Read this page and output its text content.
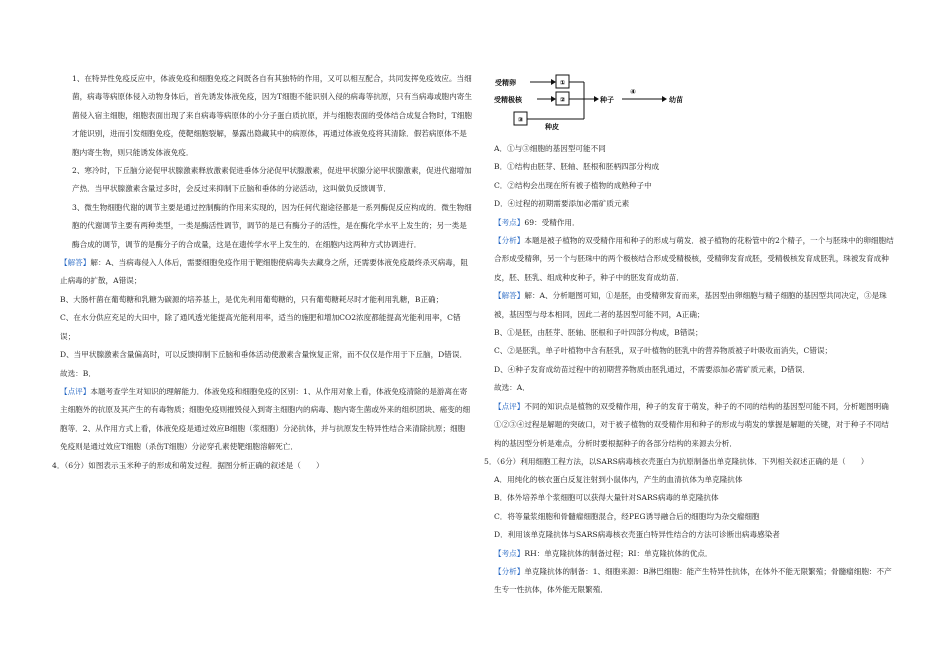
1、在特异性免疫反应中，体液免疫和细胞免疫之间既各自有其独特的作用，又可以相互配合，共同发挥免疫效应。当细菌，病毒等病原体侵入动物身体后，首先诱发体液免疫，因为T细胞不能识别入侵的病毒等抗原，只有当病毒或胞内寄生菌侵入宿主细胞，细胞表面出现了来自病毒等病原体的小分子蛋白质抗原，并与细胞表面的受体结合成复合物时，T细胞才能识别，进而引发细胞免疫，使靶细胞裂解，暴露出隐藏其中的病原体，再通过体液免疫将其清除．假若病原体不是胞内寄生物，则只能诱发体液免疫．

2、寒冷时，下丘脑分泌促甲状腺激素释放激素促进垂体分泌促甲状腺激素，促进甲状腺分泌甲状腺激素，促进代谢增加产热．当甲状腺激素含量过多时，会反过来抑制下丘脑和垂体的分泌活动，这叫做负反馈调节．

3、微生物细胞代谢的调节主要是通过控制酶的作用来实现的，因为任何代谢途径都是一系列酶促反应构成的．微生物细胞的代谢调节主要有两种类型，一类是酶活性调节，调节的是已有酶分子的活性，是在酶化学水平上发生的；另一类是酶合成的调节，调节的是酶分子的合成量，这是在遗传学水平上发生的．在细胞内这两种方式协调进行．

【解答】解：A、当病毒侵入人体后，需要细胞免疫作用于靶细胞使病毒失去藏身之所，还需要体液免疫最终杀灭病毒，阻止病毒的扩散，A错误；

B、大肠杆菌在葡萄糖和乳糖为碳源的培养基上，是优先利用葡萄糖的，只有葡萄糖耗尽时才能利用乳糖，B正确；

C、在水分供应充足的大田中，除了通风透光能提高光能利用率，适当的施肥和增加CO2浓度都能提高光能利用率，C错误；

D、当甲状腺激素含量偏高时，可以反馈抑制下丘脑和垂体活动使激素含量恢复正常，而不仅仅是作用于下丘脑，D错误．

故选：B．

【点评】本题考查学生对知识的理解能力．体液免疫和细胞免疫的区别：1、从作用对象上看，体液免疫清除的是游离在寄主细胞外的抗原及其产生的有毒物质；细胞免疫则摧毁侵入到寄主细胞内的病毒、胞内寄生菌或外来的组织团块、癌变的细胞等．2、从作用方式上看，体液免疫是通过效应B细胞（浆细胞）分泌抗体，并与抗原发生特异性结合来清除抗原；细胞免疫则是通过效应T细胞（杀伤T细胞）分泌穿孔素使靶细胞溶解死亡．

4．（6分）如图表示玉米种子的形成和萌发过程．据图分析正确的叙述是（　　）

受精卵
受精极核
①
②
③
种皮
种子
④
幼苗

A．①与③细胞的基因型可能不同

B．①结构由胚芽、胚轴、胚根和胚柄四部分构成

C．②结构会出现在所有被子植物的成熟种子中

D．④过程的初期需要添加必需矿质元素

【考点】69：受精作用．

【分析】本题是被子植物的双受精作用和种子的形成与萌发．被子植物的花粉管中的2个精子，一个与胚珠中的卵细胞结合形成受精卵，另一个与胚珠中的两个极核结合形成受精极核，受精卵发育成胚，受精极核发育成胚乳，珠被发育成种皮，胚、胚乳、组成种皮种子，种子中的胚发育成幼苗．

【解答】解：A、分析题图可知，①是胚，由受精卵发育而来，基因型由卵细胞与精子细胞的基因型共同决定，③是珠被，基因型与母本相同，因此二者的基因型可能不同，A正确；

B、①是胚，由胚芽、胚轴、胚根和子叶四部分构成，B错误；

C、②是胚乳，单子叶植物中含有胚乳，双子叶植物的胚乳中的营养物质被子叶吸收而消失，C错误；

D、④种子发育成幼苗过程中的初期营养物质由胚乳通过，不需要添加必需矿质元素，D错误．

故选：A．

【点评】不同的知识点是植物的双受精作用，种子的发育于萌发，种子的不同的结构的基因型可能不同，分析题图明确①②③④过程是解题的突破口，对于被子植物的双受精作用和种子的形成与萌发的掌握是解题的关键，对于种子不同结构的基因型分析是难点，分析时要根据种子的各部分结构的来源去分析．

5．（6分）利用细胞工程方法，以SARS病毒核衣壳蛋白为抗原制备出单克隆抗体．下列相关叙述正确的是（　　）

A．用纯化的核衣蛋白反复注射到小鼠体内，产生的血清抗体为单克隆抗体

B．体外培养单个浆细胞可以获得大量针对SARS病毒的单克隆抗体

C．将等量浆细胞和骨髓瘤细胞混合，经PEG诱导融合后的细胞均为杂交瘤细胞

D．利用该单克隆抗体与SARS病毒核衣壳蛋白特异性结合的方法可诊断出病毒感染者

【考点】RH：单克隆抗体的制备过程；RI：单克隆抗体的优点．

【分析】单克隆抗体的制备：1、细胞来源：B淋巴细胞：能产生特异性抗体，在体外不能无限繁殖；骨髓瘤细胞：不产生专一性抗体，体外能无限繁殖．
